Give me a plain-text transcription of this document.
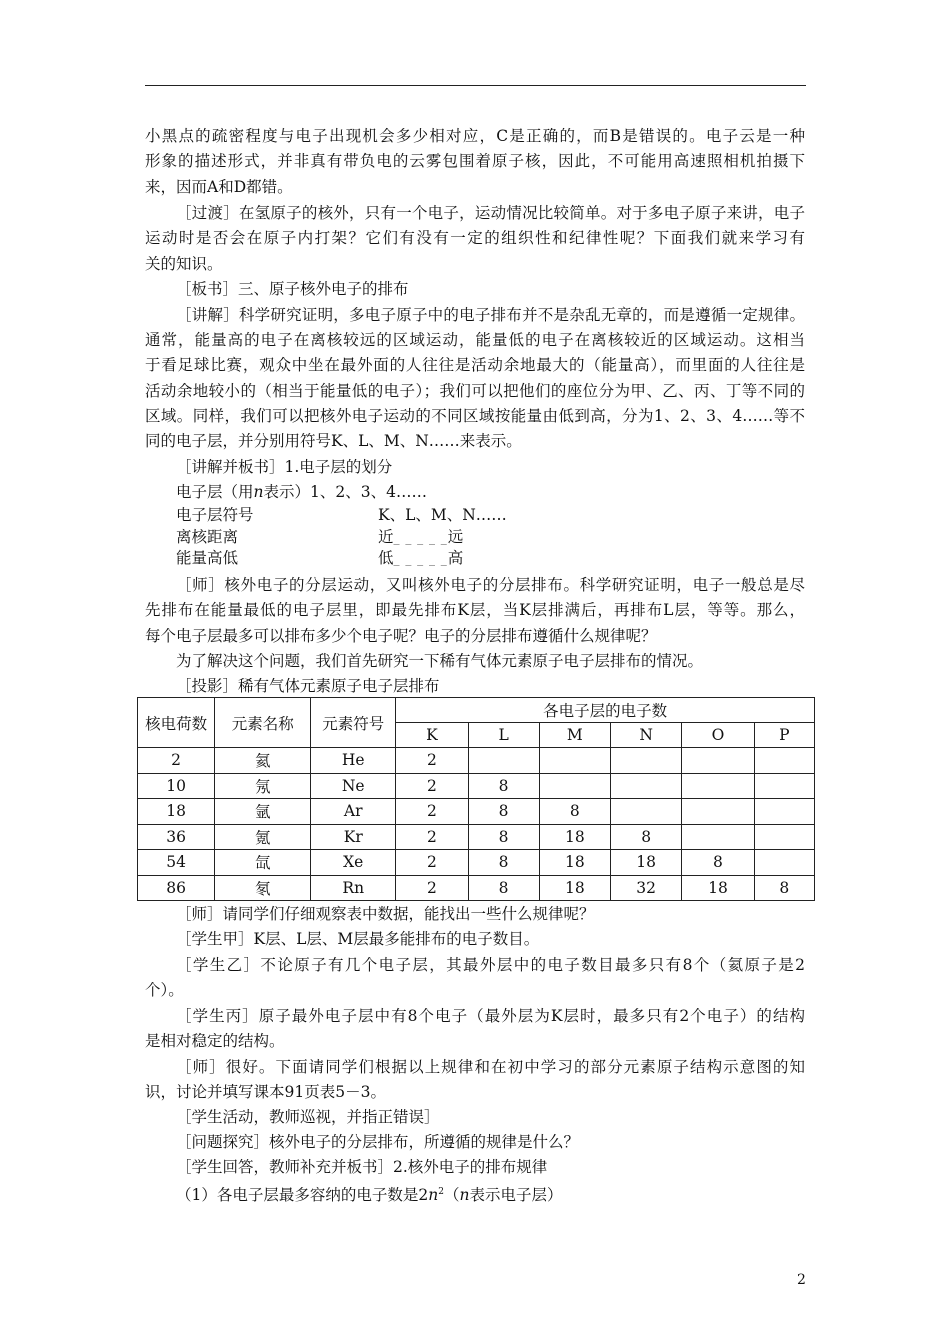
小黑点的疏密程度与电子出现机会多少相对应，C是正确的，而B是错误的。电子云是一种
形象的描述形式，并非真有带负电的云雾包围着原子核，因此，不可能用高速照相机拍摄下
来，因而A和D都错。
［过渡］在氢原子的核外，只有一个电子，运动情况比较简单。对于多电子原子来讲，电子
运动时是否会在原子内打架？它们有没有一定的组织性和纪律性呢？下面我们就来学习有
关的知识。
［板书］三、原子核外电子的排布
［讲解］科学研究证明，多电子原子中的电子排布并不是杂乱无章的，而是遵循一定规律。
通常，能量高的电子在离核较远的区域运动，能量低的电子在离核较近的区域运动。这相当
于看足球比赛，观众中坐在最外面的人往往是活动余地最大的（能量高），而里面的人往往是
活动余地较小的（相当于能量低的电子）；我们可以把他们的座位分为甲、乙、丙、丁等不同的
区域。同样，我们可以把核外电子运动的不同区域按能量由低到高，分为1、2、3、4……等不
同的电子层，并分别用符号K、L、M、N……来表示。
［讲解并板书］1.电子层的划分
电子层（用n表示）1、2、3、4……
电子层符号	K、L、M、N……
离核距离	近_ _ _ _ _远
能量高低	低_ _ _ _ _高
［师］核外电子的分层运动，又叫核外电子的分层排布。科学研究证明，电子一般总是尽
先排布在能量最低的电子层里，即最先排布K层，当K层排满后，再排布L层，等等。那么，
每个电子层最多可以排布多少个电子呢？电子的分层排布遵循什么规律呢？
为了解决这个问题，我们首先研究一下稀有气体元素原子电子层排布的情况。
［投影］稀有气体元素原子电子层排布
［师］请同学们仔细观察表中数据，能找出一些什么规律呢？
［学生甲］K层、L层、M层最多能排布的电子数目。
［学生乙］不论原子有几个电子层，其最外层中的电子数目最多只有8个（氦原子是2
个）。
［学生丙］原子最外电子层中有8个电子（最外层为K层时，最多只有2个电子）的结构
是相对稳定的结构。
［师］很好。下面请同学们根据以上规律和在初中学习的部分元素原子结构示意图的知
识，讨论并填写课本91页表5－3。
［学生活动，教师巡视，并指正错误］
［问题探究］核外电子的分层排布，所遵循的规律是什么？
［学生回答，教师补充并板书］2.核外电子的排布规律
（1）各电子层最多容纳的电子数是$2n^2(n$表示电子层）
核电荷数	元素名称	元素符号	各电子层的电子数					
			K	L	M	N	O	P
2	氦	He	2					
10	氖	Ne	2	8				
18	氩	Ar	2	8	8			
36	氪	Kr	2	8	18	8		
54	氙	Xe	2	8	18	18	8	
86	氡	Rn	2	8	18	32	18	8
2
